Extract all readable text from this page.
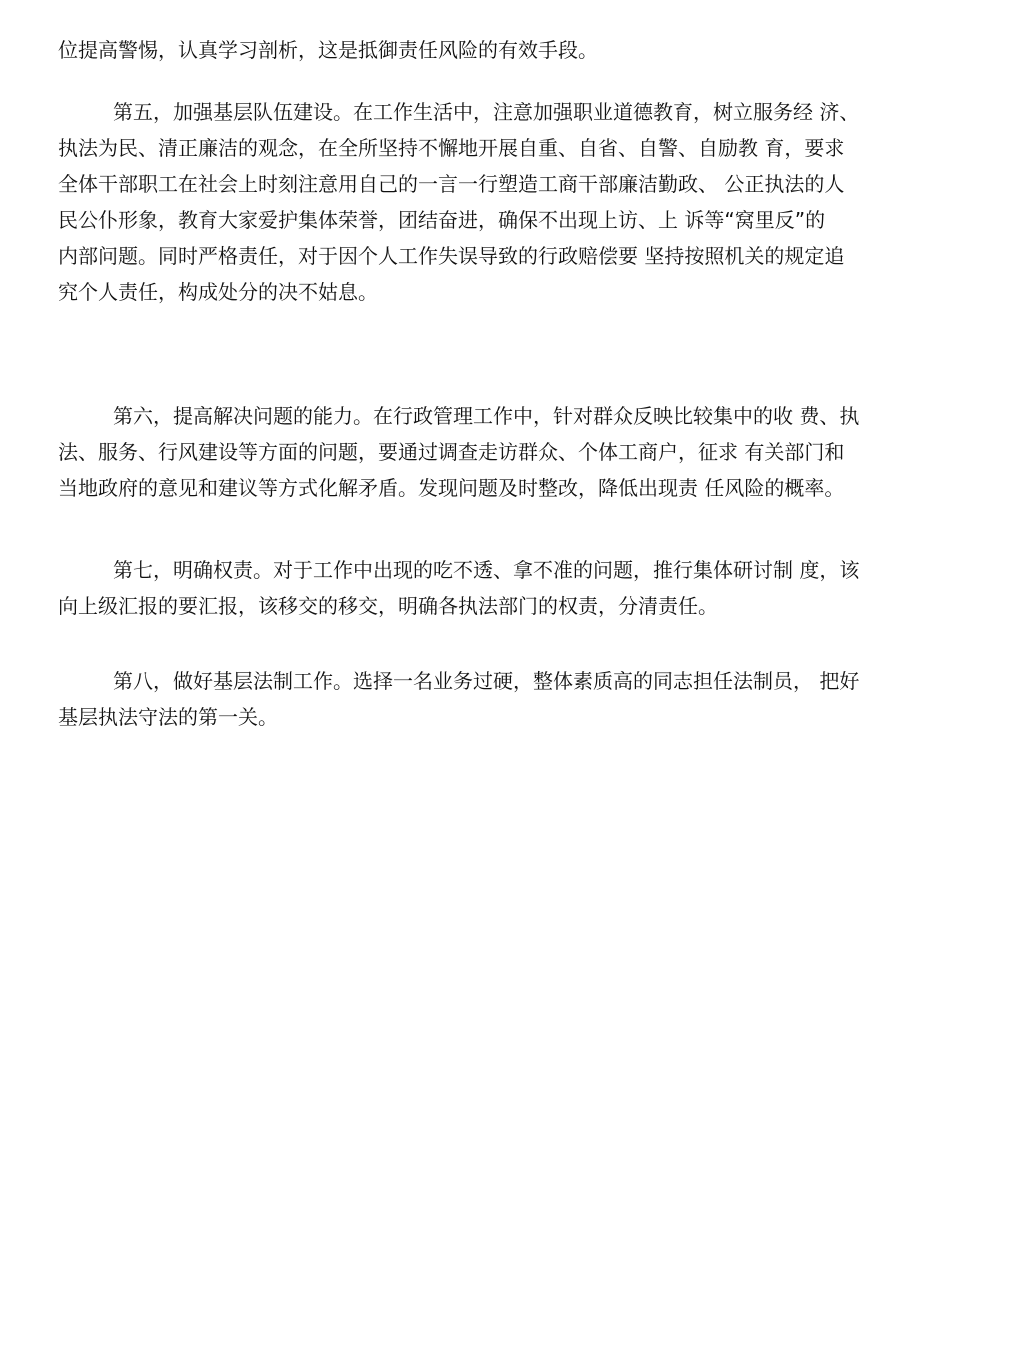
位提高警惕，认真学习剖析，这是抵御责任风险的有效手段。
第五，加强基层队伍建设。在工作生活中，注意加强职业道德教育，树立服务经 济、
执法为民、清正廉洁的观念，在全所坚持不懈地开展自重、自省、自警、自励教 育，要求
全体干部职工在社会上时刻注意用自己的一言一行塑造工商干部廉洁勤政、 公正执法的人
民公仆形象，教育大家爱护集体荣誉，团结奋进，确保不出现上访、上 诉等“窝里反”的
内部问题。同时严格责任，对于因个人工作失误导致的行政赔偿要 坚持按照机关的规定追
究个人责任，构成处分的决不姑息。
第六，提高解决问题的能力。在行政管理工作中，针对群众反映比较集中的收 费、执
法、服务、行风建设等方面的问题，要通过调查走访群众、个体工商户，征求 有关部门和
当地政府的意见和建议等方式化解矛盾。发现问题及时整改，降低出现责 任风险的概率。
第七，明确权责。对于工作中出现的吃不透、拿不准的问题，推行集体研讨制 度，该
向上级汇报的要汇报，该移交的移交，明确各执法部门的权责，分清责任。
第八，做好基层法制工作。选择一名业务过硬，整体素质高的同志担任法制员， 把好
基层执法守法的第一关。
